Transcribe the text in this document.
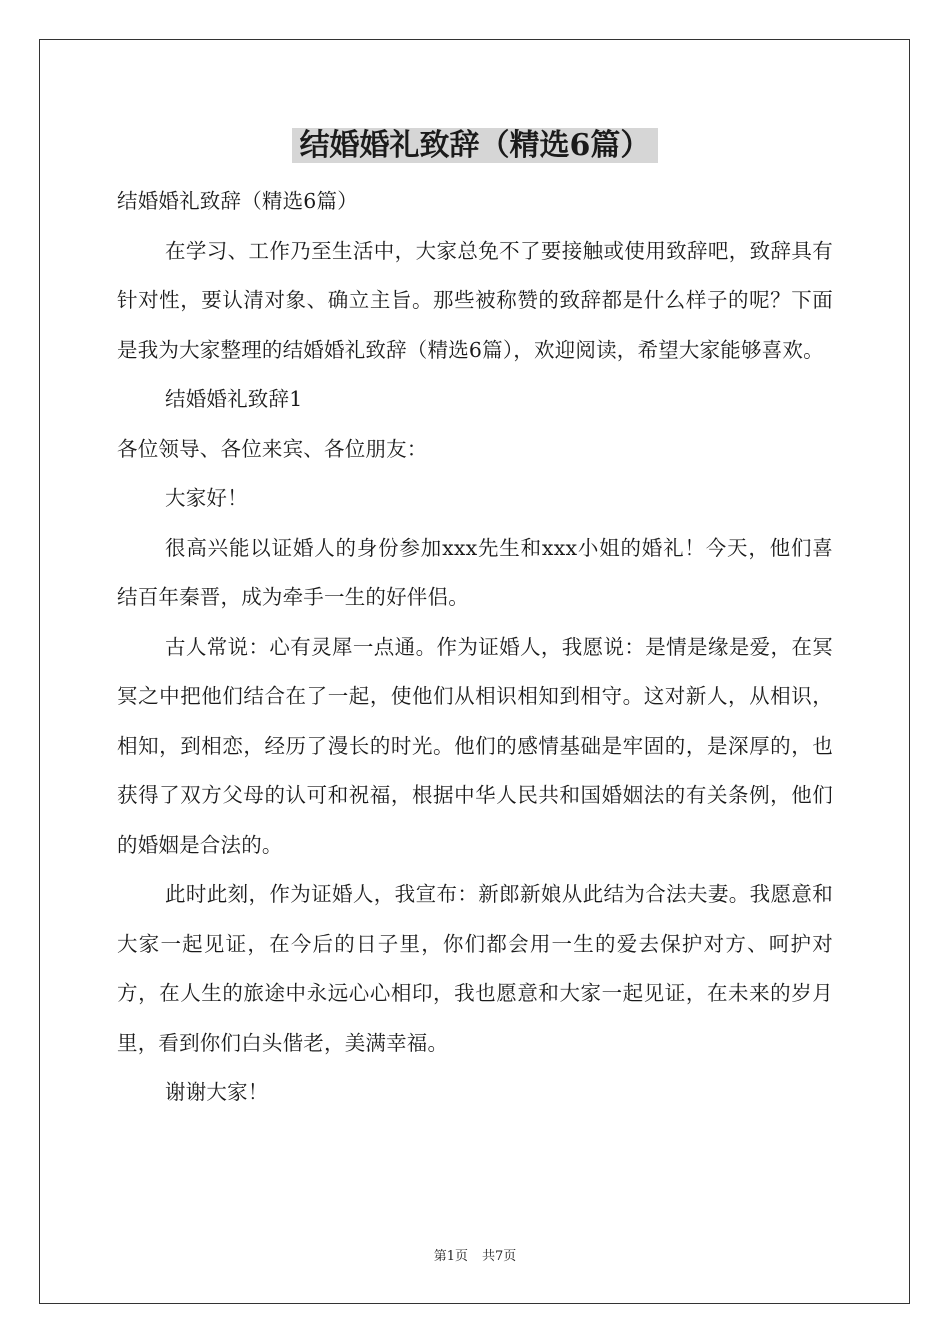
结婚婚礼致辞（精选6篇）

结婚婚礼致辞（精选6篇）

在学习、工作乃至生活中，大家总免不了要接触或使用致辞吧，致辞具有针对性，要认清对象、确立主旨。那些被称赞的致辞都是什么样子的呢？下面是我为大家整理的结婚婚礼致辞（精选6篇），欢迎阅读，希望大家能够喜欢。

结婚婚礼致辞1

各位领导、各位来宾、各位朋友：

大家好！

很高兴能以证婚人的身份参加xxx先生和xxx小姐的婚礼！今天，他们喜结百年秦晋，成为牵手一生的好伴侣。

古人常说：心有灵犀一点通。作为证婚人，我愿说：是情是缘是爱，在冥冥之中把他们结合在了一起，使他们从相识相知到相守。这对新人，从相识，相知，到相恋，经历了漫长的时光。他们的感情基础是牢固的，是深厚的，也获得了双方父母的认可和祝福，根据中华人民共和国婚姻法的有关条例，他们的婚姻是合法的。

此时此刻，作为证婚人，我宣布：新郎新娘从此结为合法夫妻。我愿意和大家一起见证，在今后的日子里，你们都会用一生的爱去保护对方、呵护对方，在人生的旅途中永远心心相印，我也愿意和大家一起见证，在未来的岁月里，看到你们白头偕老，美满幸福。

谢谢大家！

第1页 共7页
